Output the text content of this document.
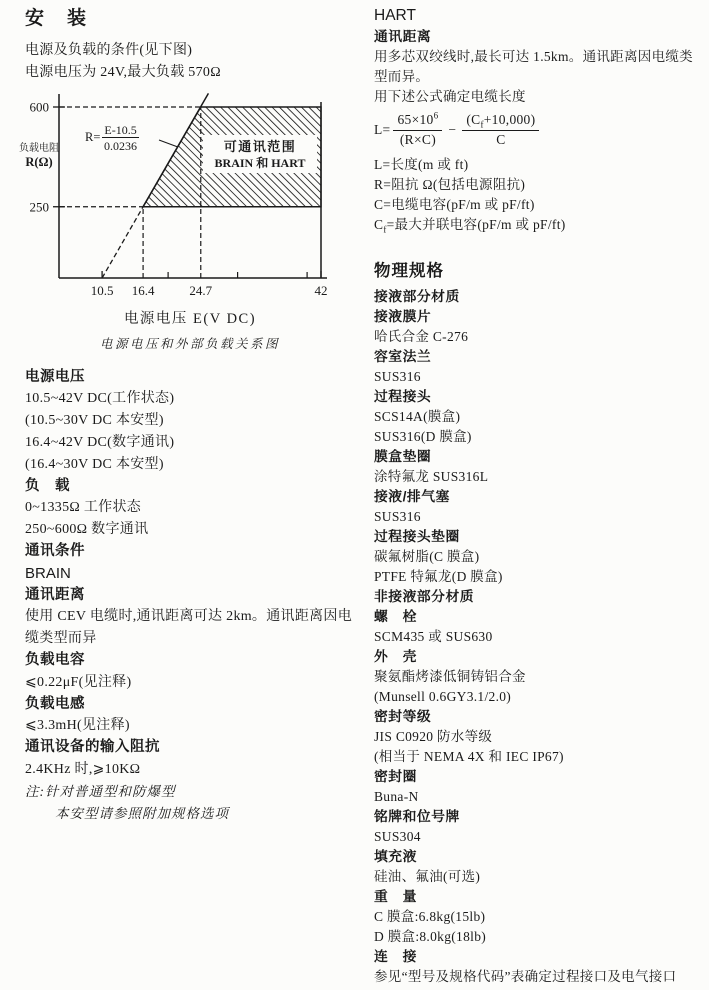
安　装
电源及负载的条件(见下图)
电源电压为 24V,最大负载 570Ω
600
250
10.5 16.4	24.7	42
负载电阻
R(Ω)
$R= \frac{E-10.5}{0.0236}$	可通讯范围
BRAIN 和 HART
电源电压 E(V DC)
电源电压和外部负载关系图
电源电压
10.5~42V DC(工作状态)
(10.5~30V DC 本安型)
16.4~42V DC(数字通讯)
(16.4~30V DC 本安型)
负　载
0~1335Ω 工作状态
250~600Ω 数字通讯
通讯条件
BRAIN
通讯距离
使用 CEV 电缆时,通讯距离可达 2km。通讯距离因电缆类型而异
负载电容
⩽0.22μF(见注释)
负载电感
⩽3.3mH(见注释)
通讯设备的输入阻抗
2.4KHz 时,⩾10KΩ
注:针对普通型和防爆型
本安型请参照附加规格选项
HART
通讯距离
用多芯双绞线时,最长可达 1.5km。通讯距离因电缆类型而异。
用下述公式确定电缆长度
$L= \frac{65\times 10^6}{(R\times C)} - \frac{(C_f+10,000)}{C}$
L=长度(m 或 ft)
R=阻抗 Ω(包括电源阻抗)
C=电缆电容(pF/m 或 pF/ft)
$C_f=$最大并联电容(pF/m 或 pF/ft)
物理规格
接液部分材质
接液膜片
哈氏合金 C-276
容室法兰
SUS316
过程接头
SCS14A(膜盒)
SUS316(D 膜盒)
膜盒垫圈
涂特氟龙 SUS316L
接液/排气塞
SUS316
过程接头垫圈
碳氟树脂(C 膜盒)
PTFE 特氟龙(D 膜盒)
非接液部分材质
螺　栓
SCM435 或 SUS630
外　壳
聚氨酯烤漆低铜铸铝合金
(Munsell 0.6GY3.1/2.0)
密封等级
JIS C0920 防水等级
(相当于 NEMA 4X 和 IEC IP67)
密封圈
Buna-N
铭牌和位号牌
SUS304
填充液
硅油、氟油(可选)
重　量
C 膜盒:6.8kg(15lb)
D 膜盒:8.0kg(18lb)
连　接
参见“型号及规格代码”表确定过程接口及电气接口
